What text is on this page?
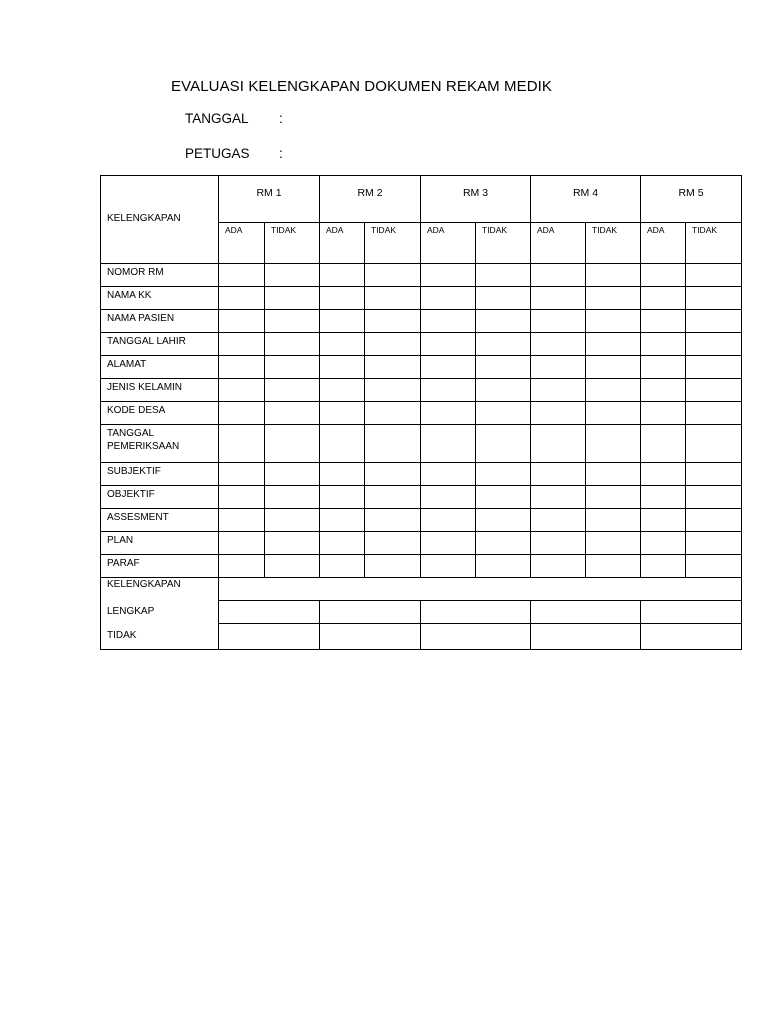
EVALUASI KELENGKAPAN DOKUMEN REKAM MEDIK
TANGGAL :
PETUGAS :
KELENGKAPAN	RM 1		RM 2		RM 3		RM 4		RM 5	
	ADA	TIDAK	ADA	TIDAK	ADA	TIDAK	ADA	TIDAK	ADA	TIDAK
NOMOR RM										
NAMA KK										
NAMA PASIEN										
TANGGAL LAHIR										
ALAMAT										
JENIS KELAMIN										
KODE DESA										
TANGGAL PEMERIKSAAN										
SUBJEKTIF										
OBJEKTIF										
ASSESMENT										
PLAN										
PARAF										
KELENGKAPAN										
LENGKAP										
TIDAK										
